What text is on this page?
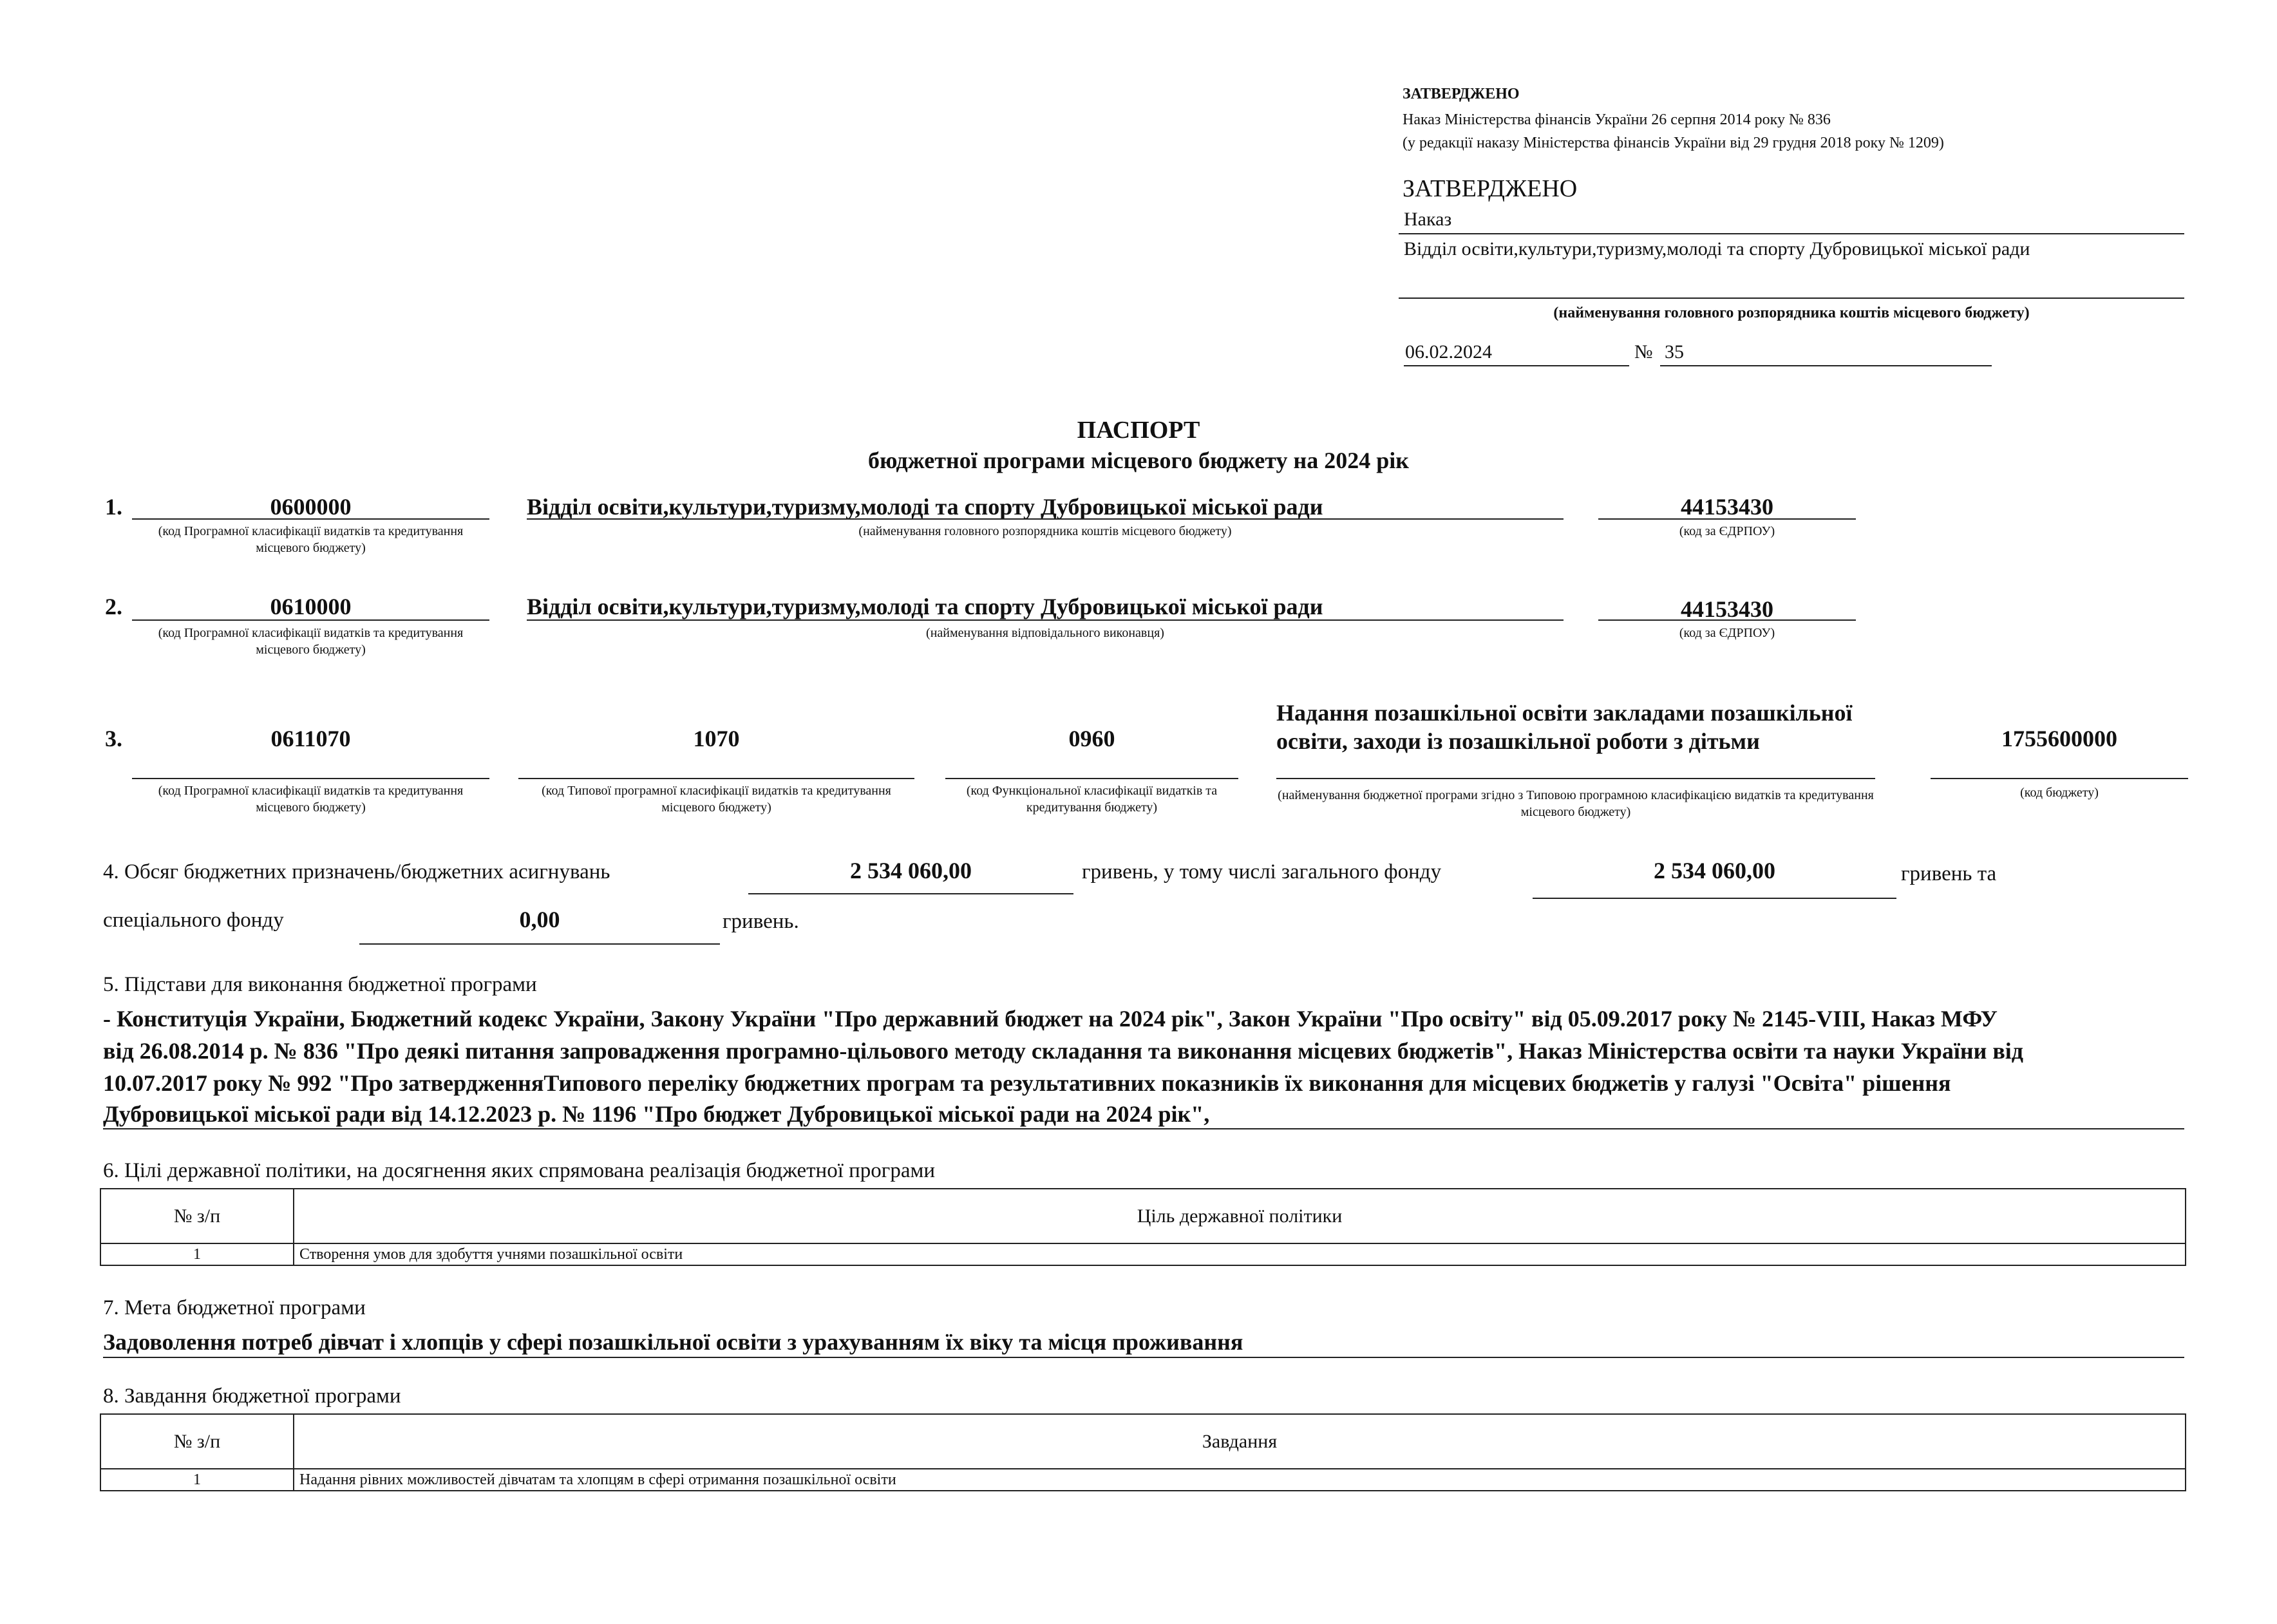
ЗАТВЕРДЖЕНО
Наказ Міністерства фінансів України 26 серпня 2014 року № 836
(у редакції наказу Міністерства фінансів України від 29 грудня 2018 року № 1209)
ЗАТВЕРДЖЕНО
Наказ
Відділ освіти,культури,туризму,молоді та спорту Дубровицької міської ради
(найменування головного розпорядника коштів місцевого бюджету)
06.02.2024	№ 35
ПАСПОРТ
бюджетної програми місцевого бюджету на 2024 рік
1.	0600000
(код Програмної класифікації видатків та кредитування місцевого бюджету)
Відділ освіти,культури,туризму,молоді та спорту Дубровицької міської ради
(найменування головного розпорядника коштів місцевого бюджету)
44153430
(код за ЄДРПОУ)
2.	0610000
(код Програмної класифікації видатків та кредитування місцевого бюджету)
Відділ освіти,культури,туризму,молоді та спорту Дубровицької міської ради
(найменування відповідального виконавця)
44153430
(код за ЄДРПОУ)
3.	0611070
(код Програмної класифікації видатків та кредитування місцевого бюджету)
1070
(код Типової програмної класифікації видатків та кредитування місцевого бюджету)
0960
(код Функціональної класифікації видатків та кредитування бюджету)
Надання позашкільної освіти закладами позашкільної освіти, заходи із позашкільної роботи з дітьми
(найменування бюджетної програми згідно з Типовою програмною класифікацією видатків та кредитування місцевого бюджету)
1755600000
(код бюджету)
4. Обсяг бюджетних призначень/бюджетних асигнувань	2 534 060,00	гривень, у тому числі загального фонду	2 534 060,00	гривень та
спеціального фонду	0,00	гривень.
5. Підстави для виконання бюджетної програми
- Конституція України, Бюджетний кодекс України, Закону України "Про державний бюджет на 2024 рік", Закон України "Про освіту" від 05.09.2017 року № 2145-VIII, Наказ МФУ
від 26.08.2014 р. № 836 "Про деякі питання запровадження програмно-цільового методу складання та виконання місцевих бюджетів", Наказ Міністерства освіти та науки України від
10.07.2017 року № 992 "Про затвердженняТипового переліку бюджетних програм та результативних показників їх виконання для місцевих бюджетів у галузі "Освіта" рішення
Дубровицької міської ради від 14.12.2023 р. № 1196 "Про бюджет Дубровицької міської ради на 2024 рік",
6. Цілі державної політики, на досягнення яких спрямована реалізація бюджетної програми
№ з/п	Ціль державної політики
1	Створення умов для здобуття учнями позашкільної освіти
7. Мета бюджетної програми
Задоволення потреб дівчат і хлопців у сфері позашкільної освіти з урахуванням їх віку та місця проживання
8. Завдання бюджетної програми
№ з/п	Завдання
1	Надання рівних можливостей дівчатам та хлопцям в сфері отримання позашкільної освіти
